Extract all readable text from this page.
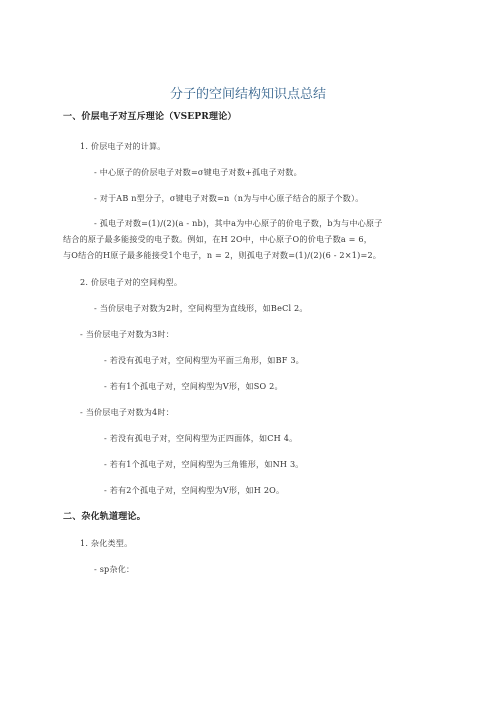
分子的空间结构知识点总结
一、价层电子对互斥理论（VSEPR理论）
1. 价层电子对的计算。
- 中心原子的价层电子对数=σ键电子对数+孤电子对数。
- 对于AB n型分子，σ键电子对数=n（n为与中心原子结合的原子个数）。
- 孤电子对数=(1)/(2)(a - nb)，其中a为中心原子的价电子数，b为与中心原子
结合的原子最多能接受的电子数。例如，在H 2O中，中心原子O的价电子数a = 6，
与O结合的H原子最多能接受1个电子，n = 2，则孤电子对数=(1)/(2)(6 - 2×1)=2。
2. 价层电子对的空间构型。
- 当价层电子对数为2时，空间构型为直线形，如BeCl 2。
- 当价层电子对数为3时：
- 若没有孤电子对，空间构型为平面三角形，如BF 3。
- 若有1个孤电子对，空间构型为V形，如SO 2。
- 当价层电子对数为4时：
- 若没有孤电子对，空间构型为正四面体，如CH 4。
- 若有1个孤电子对，空间构型为三角锥形，如NH 3。
- 若有2个孤电子对，空间构型为V形，如H 2O。
二、杂化轨道理论。
1. 杂化类型。
- sp杂化：
